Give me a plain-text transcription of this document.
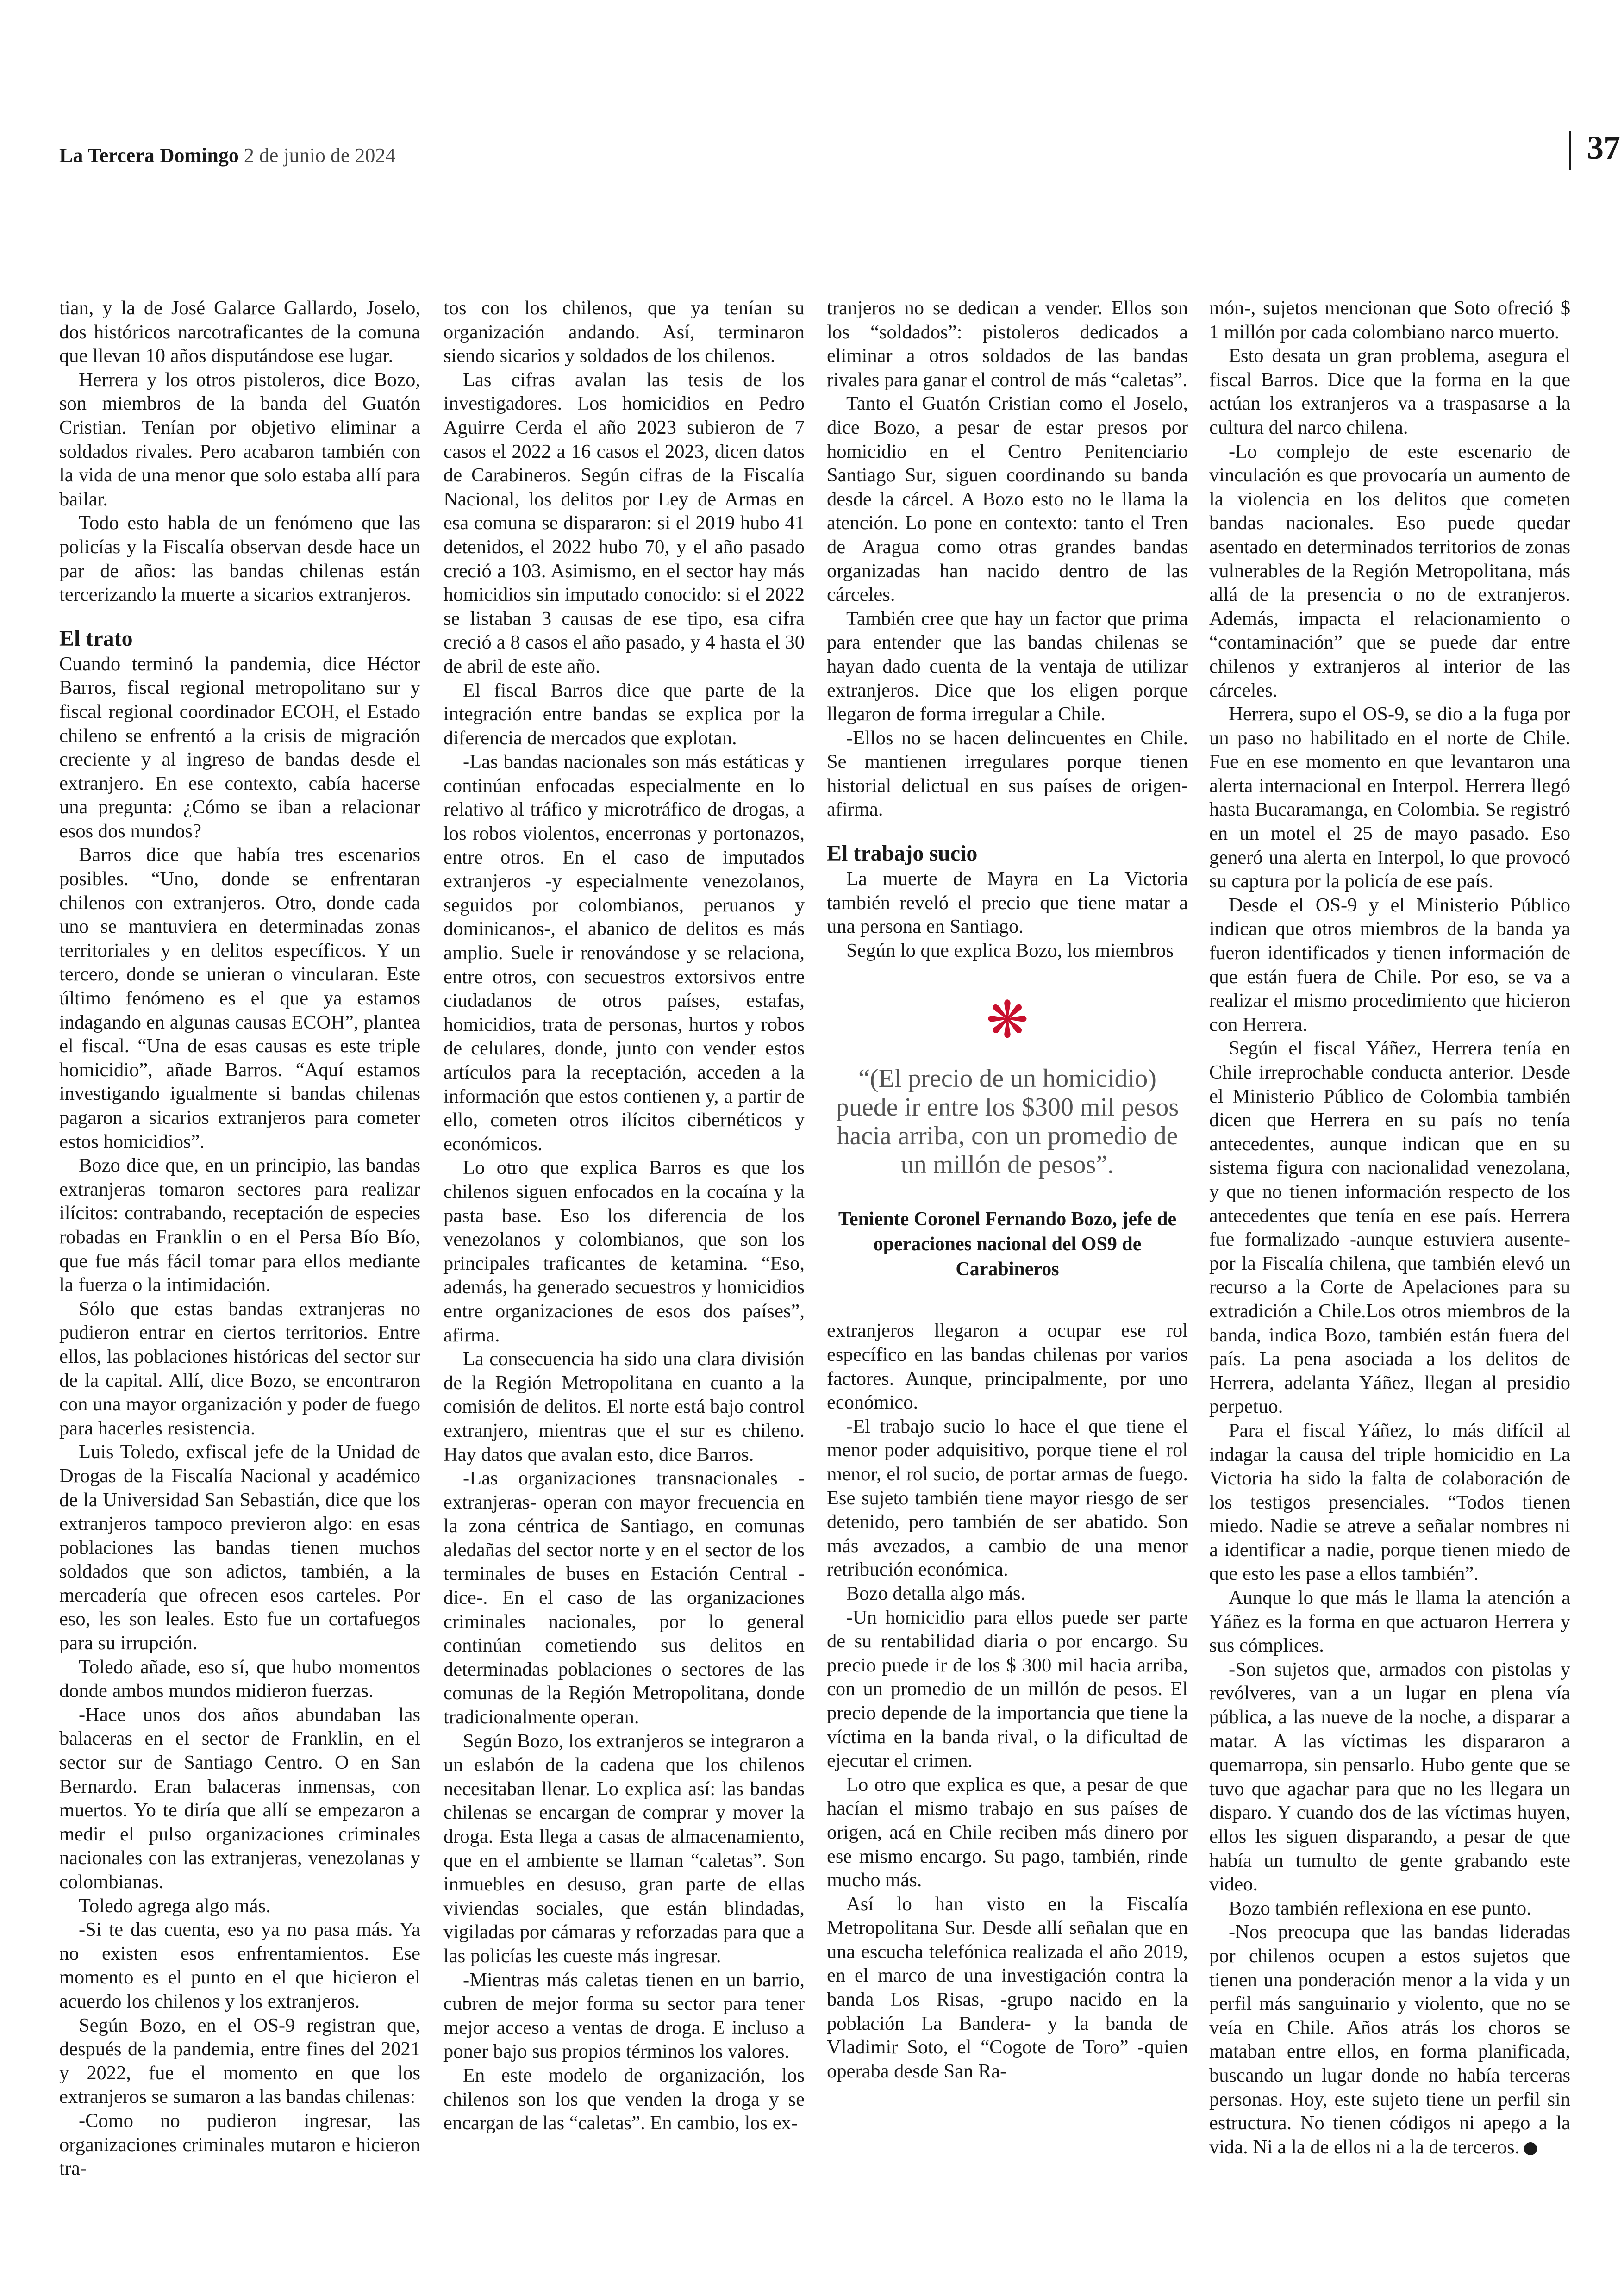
La Tercera Domingo 2 de junio de 2024	37

tian, y la de José Galarce Gallardo, Joselo, dos históricos narcotraficantes de la comuna que llevan 10 años disputándose ese lugar.

Herrera y los otros pistoleros, dice Bozo, son miembros de la banda del Guatón Cristian. Tenían por objetivo eliminar a soldados rivales. Pero acabaron también con la vida de una menor que solo estaba allí para bailar.

Todo esto habla de un fenómeno que las policías y la Fiscalía observan desde hace un par de años: las bandas chilenas están tercerizando la muerte a sicarios extranjeros.

El trato

Cuando terminó la pandemia, dice Héctor Barros, fiscal regional metropolitano sur y fiscal regional coordinador ECOH, el Estado chileno se enfrentó a la crisis de migración creciente y al ingreso de bandas desde el extranjero. En ese contexto, cabía hacerse una pregunta: ¿Cómo se iban a relacionar esos dos mundos?

Barros dice que había tres escenarios posibles. “Uno, donde se enfrentaran chilenos con extranjeros. Otro, donde cada uno se mantuviera en determinadas zonas territoriales y en delitos específicos. Y un tercero, donde se unieran o vincularan. Este último fenómeno es el que ya estamos indagando en algunas causas ECOH”, plantea el fiscal. “Una de esas causas es este triple homicidio”, añade Barros. “Aquí estamos investigando igualmente si bandas chilenas pagaron a sicarios extranjeros para cometer estos homicidios”.

Bozo dice que, en un principio, las bandas extranjeras tomaron sectores para realizar ilícitos: contrabando, receptación de especies robadas en Franklin o en el Persa Bío Bío, que fue más fácil tomar para ellos mediante la fuerza o la intimidación.

Sólo que estas bandas extranjeras no pudieron entrar en ciertos territorios. Entre ellos, las poblaciones históricas del sector sur de la capital. Allí, dice Bozo, se encontraron con una mayor organización y poder de fuego para hacerles resistencia.

Luis Toledo, exfiscal jefe de la Unidad de Drogas de la Fiscalía Nacional y académico de la Universidad San Sebastián, dice que los extranjeros tampoco previeron algo: en esas poblaciones las bandas tienen muchos soldados que son adictos, también, a la mercadería que ofrecen esos carteles. Por eso, les son leales. Esto fue un cortafuegos para su irrupción.

Toledo añade, eso sí, que hubo momentos donde ambos mundos midieron fuerzas.

-Hace unos dos años abundaban las balaceras en el sector de Franklin, en el sector sur de Santiago Centro. O en San Bernardo. Eran balaceras inmensas, con muertos. Yo te diría que allí se empezaron a medir el pulso organizaciones criminales nacionales con las extranjeras, venezolanas y colombianas.

Toledo agrega algo más.

-Si te das cuenta, eso ya no pasa más. Ya no existen esos enfrentamientos. Ese momento es el punto en el que hicieron el acuerdo los chilenos y los extranjeros.

Según Bozo, en el OS-9 registran que, después de la pandemia, entre fines del 2021 y 2022, fue el momento en que los extranjeros se sumaron a las bandas chilenas:

-Como no pudieron ingresar, las organizaciones criminales mutaron e hicieron tra-

tos con los chilenos, que ya tenían su organización andando. Así, terminaron siendo sicarios y soldados de los chilenos.

Las cifras avalan las tesis de los investigadores. Los homicidios en Pedro Aguirre Cerda el año 2023 subieron de 7 casos el 2022 a 16 casos el 2023, dicen datos de Carabineros. Según cifras de la Fiscalía Nacional, los delitos por Ley de Armas en esa comuna se dispararon: si el 2019 hubo 41 detenidos, el 2022 hubo 70, y el año pasado creció a 103. Asimismo, en el sector hay más homicidios sin imputado conocido: si el 2022 se listaban 3 causas de ese tipo, esa cifra creció a 8 casos el año pasado, y 4 hasta el 30 de abril de este año.

El fiscal Barros dice que parte de la integración entre bandas se explica por la diferencia de mercados que explotan.

-Las bandas nacionales son más estáticas y continúan enfocadas especialmente en lo relativo al tráfico y microtráfico de drogas, a los robos violentos, encerronas y portonazos, entre otros. En el caso de imputados extranjeros -y especialmente venezolanos, seguidos por colombianos, peruanos y dominicanos-, el abanico de delitos es más amplio. Suele ir renovándose y se relaciona, entre otros, con secuestros extorsivos entre ciudadanos de otros países, estafas, homicidios, trata de personas, hurtos y robos de celulares, donde, junto con vender estos artículos para la receptación, acceden a la información que estos contienen y, a partir de ello, cometen otros ilícitos cibernéticos y económicos.

Lo otro que explica Barros es que los chilenos siguen enfocados en la cocaína y la pasta base. Eso los diferencia de los venezolanos y colombianos, que son los principales traficantes de ketamina. “Eso, además, ha generado secuestros y homicidios entre organizaciones de esos dos países”, afirma.

La consecuencia ha sido una clara división de la Región Metropolitana en cuanto a la comisión de delitos. El norte está bajo control extranjero, mientras que el sur es chileno. Hay datos que avalan esto, dice Barros.

-Las organizaciones transnacionales -extranjeras- operan con mayor frecuencia en la zona céntrica de Santiago, en comunas aledañas del sector norte y en el sector de los terminales de buses en Estación Central -dice-. En el caso de las organizaciones criminales nacionales, por lo general continúan cometiendo sus delitos en determinadas poblaciones o sectores de las comunas de la Región Metropolitana, donde tradicionalmente operan.

Según Bozo, los extranjeros se integraron a un eslabón de la cadena que los chilenos necesitaban llenar. Lo explica así: las bandas chilenas se encargan de comprar y mover la droga. Esta llega a casas de almacenamiento, que en el ambiente se llaman “caletas”. Son inmuebles en desuso, gran parte de ellas viviendas sociales, que están blindadas, vigiladas por cámaras y reforzadas para que a las policías les cueste más ingresar.

-Mientras más caletas tienen en un barrio, cubren de mejor forma su sector para tener mejor acceso a ventas de droga. E incluso a poner bajo sus propios términos los valores.

En este modelo de organización, los chilenos son los que venden la droga y se encargan de las “caletas”. En cambio, los ex-

tranjeros no se dedican a vender. Ellos son los “soldados”: pistoleros dedicados a eliminar a otros soldados de las bandas rivales para ganar el control de más “caletas”.

Tanto el Guatón Cristian como el Joselo, dice Bozo, a pesar de estar presos por homicidio en el Centro Penitenciario Santiago Sur, siguen coordinando su banda desde la cárcel. A Bozo esto no le llama la atención. Lo pone en contexto: tanto el Tren de Aragua como otras grandes bandas organizadas han nacido dentro de las cárceles.

También cree que hay un factor que prima para entender que las bandas chilenas se hayan dado cuenta de la ventaja de utilizar extranjeros. Dice que los eligen porque llegaron de forma irregular a Chile.

-Ellos no se hacen delincuentes en Chile. Se mantienen irregulares porque tienen historial delictual en sus países de origen- afirma.

El trabajo sucio

La muerte de Mayra en La Victoria también reveló el precio que tiene matar a una persona en Santiago.

Según lo que explica Bozo, los miembros

❋

“(El precio de un homicidio) puede ir entre los $300 mil pesos hacia arriba, con un promedio de un millón de pesos”.

Teniente Coronel Fernando Bozo, jefe de operaciones nacional del OS9 de Carabineros

extranjeros llegaron a ocupar ese rol específico en las bandas chilenas por varios factores. Aunque, principalmente, por uno económico.

-El trabajo sucio lo hace el que tiene el menor poder adquisitivo, porque tiene el rol menor, el rol sucio, de portar armas de fuego. Ese sujeto también tiene mayor riesgo de ser detenido, pero también de ser abatido. Son más avezados, a cambio de una menor retribución económica.

Bozo detalla algo más.

-Un homicidio para ellos puede ser parte de su rentabilidad diaria o por encargo. Su precio puede ir de los $ 300 mil hacia arriba, con un promedio de un millón de pesos. El precio depende de la importancia que tiene la víctima en la banda rival, o la dificultad de ejecutar el crimen.

Lo otro que explica es que, a pesar de que hacían el mismo trabajo en sus países de origen, acá en Chile reciben más dinero por ese mismo encargo. Su pago, también, rinde mucho más.

Así lo han visto en la Fiscalía Metropolitana Sur. Desde allí señalan que en una escucha telefónica realizada el año 2019, en el marco de una investigación contra la banda Los Risas, -grupo nacido en la población La Bandera- y la banda de Vladimir Soto, el “Cogote de Toro” -quien operaba desde San Ra-

món-, sujetos mencionan que Soto ofreció $ 1 millón por cada colombiano narco muerto.

Esto desata un gran problema, asegura el fiscal Barros. Dice que la forma en la que actúan los extranjeros va a traspasarse a la cultura del narco chilena.

-Lo complejo de este escenario de vinculación es que provocaría un aumento de la violencia en los delitos que cometen bandas nacionales. Eso puede quedar asentado en determinados territorios de zonas vulnerables de la Región Metropolitana, más allá de la presencia o no de extranjeros. Además, impacta el relacionamiento o “contaminación” que se puede dar entre chilenos y extranjeros al interior de las cárceles.

Herrera, supo el OS-9, se dio a la fuga por un paso no habilitado en el norte de Chile. Fue en ese momento en que levantaron una alerta internacional en Interpol. Herrera llegó hasta Bucaramanga, en Colombia. Se registró en un motel el 25 de mayo pasado. Eso generó una alerta en Interpol, lo que provocó su captura por la policía de ese país.

Desde el OS-9 y el Ministerio Público indican que otros miembros de la banda ya fueron identificados y tienen información de que están fuera de Chile. Por eso, se va a realizar el mismo procedimiento que hicieron con Herrera.

Según el fiscal Yáñez, Herrera tenía en Chile irreprochable conducta anterior. Desde el Ministerio Público de Colombia también dicen que Herrera en su país no tenía antecedentes, aunque indican que en su sistema figura con nacionalidad venezolana, y que no tienen información respecto de los antecedentes que tenía en ese país. Herrera fue formalizado -aunque estuviera ausente- por la Fiscalía chilena, que también elevó un recurso a la Corte de Apelaciones para su extradición a Chile.Los otros miembros de la banda, indica Bozo, también están fuera del país. La pena asociada a los delitos de Herrera, adelanta Yáñez, llegan al presidio perpetuo.

Para el fiscal Yáñez, lo más difícil al indagar la causa del triple homicidio en La Victoria ha sido la falta de colaboración de los testigos presenciales. “Todos tienen miedo. Nadie se atreve a señalar nombres ni a identificar a nadie, porque tienen miedo de que esto les pase a ellos también”.

Aunque lo que más le llama la atención a Yáñez es la forma en que actuaron Herrera y sus cómplices.

-Son sujetos que, armados con pistolas y revólveres, van a un lugar en plena vía pública, a las nueve de la noche, a disparar a matar. A las víctimas les dispararon a quemarropa, sin pensarlo. Hubo gente que se tuvo que agachar para que no les llegara un disparo. Y cuando dos de las víctimas huyen, ellos les siguen disparando, a pesar de que había un tumulto de gente grabando este video.

Bozo también reflexiona en ese punto.

-Nos preocupa que las bandas lideradas por chilenos ocupen a estos sujetos que tienen una ponderación menor a la vida y un perfil más sanguinario y violento, que no se veía en Chile. Años atrás los choros se mataban entre ellos, en forma planificada, buscando un lugar donde no había terceras personas. Hoy, este sujeto tiene un perfil sin estructura. No tienen códigos ni apego a la vida. Ni a la de ellos ni a la de terceros.
